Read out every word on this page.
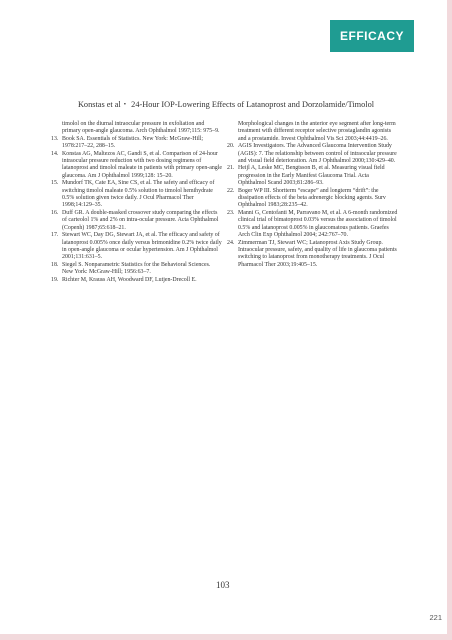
EFFICACY
Konstas et al・ 24-Hour IOP-Lowering Effects of Latanoprost and Dorzolamide/Timolol

timolol on the diurnal intraocular pressure in exfoliation and primary open-angle glaucoma. Arch Ophthalmol 1997;115: 975–9.

13. Book SA. Essentials of Statistics. New York: McGraw-Hill; 1978:217–22, 288–15.

14. Konstas AG, Maltezos AC, Gandi S, et al. Comparison of 24-hour intraocular pressure reduction with two dosing regimens of latanoprost and timolol maleate in patients with primary open-angle glaucoma. Am J Ophthalmol 1999;128: 15–20.

15. Mundorf TK, Cate EA, Sine CS, et al. The safety and efficacy of switching timolol maleate 0.5% solution to timolol hemihydrate 0.5% solution given twice daily. J Ocul Pharmacol Ther 1998;14:129–35.

16. Duff GR. A double-masked crossover study comparing the effects of carteolol 1% and 2% on intra-ocular pressure. Acta Ophthalmol (Copenh) 1987;65:618–21.

17. Stewart WC, Day DG, Stewart JA, et al. The efficacy and safety of latanoprost 0.005% once daily versus brimonidine 0.2% twice daily in open-angle glaucoma or ocular hypertension. Am J Ophthalmol 2001;131:631–5.

18. Siegel S. Nonparametric Statistics for the Behavioral Sciences. New York: McGraw-Hill; 1956:63–7.

19. Richter M, Krauss AH, Woodward DF, Lutjen-Drecoll E.

Morphological changes in the anterior eye segment after long-term treatment with different receptor selective prostaglandin agonists and a prostamide. Invest Ophthalmol Vis Sci 2003;44:4419–26.

20. AGIS Investigators. The Advanced Glaucoma Intervention Study (AGIS): 7. The relationship between control of intraocular pressure and visual field deterioration. Am J Ophthalmol 2000;130:429–40.

21. Heijl A, Leske MC, Bengtsson B, et al. Measuring visual field progression in the Early Manifest Glaucoma Trial. Acta Ophthalmol Scand 2003;81:286–93.

22. Boger WP III. Shortterm “escape” and longterm “drift”: the dissipation effects of the beta adrenergic blocking agents. Surv Ophthalmol 1983;28:235–42.

23. Manni G, Centofanti M, Parravano M, et al. A 6-month randomized clinical trial of bimatoprost 0.03% versus the association of timolol 0.5% and latanoprost 0.005% in glaucomatous patients. Graefes Arch Clin Exp Ophthalmol 2004; 242:767–70.

24. Zimmerman TJ, Stewart WC; Latanoprost Axis Study Group. Intraocular pressure, safety, and quality of life in glaucoma patients switching to latanoprost from monotherapy treatments. J Ocul Pharmacol Ther 2003;19:405–15.

103
221
